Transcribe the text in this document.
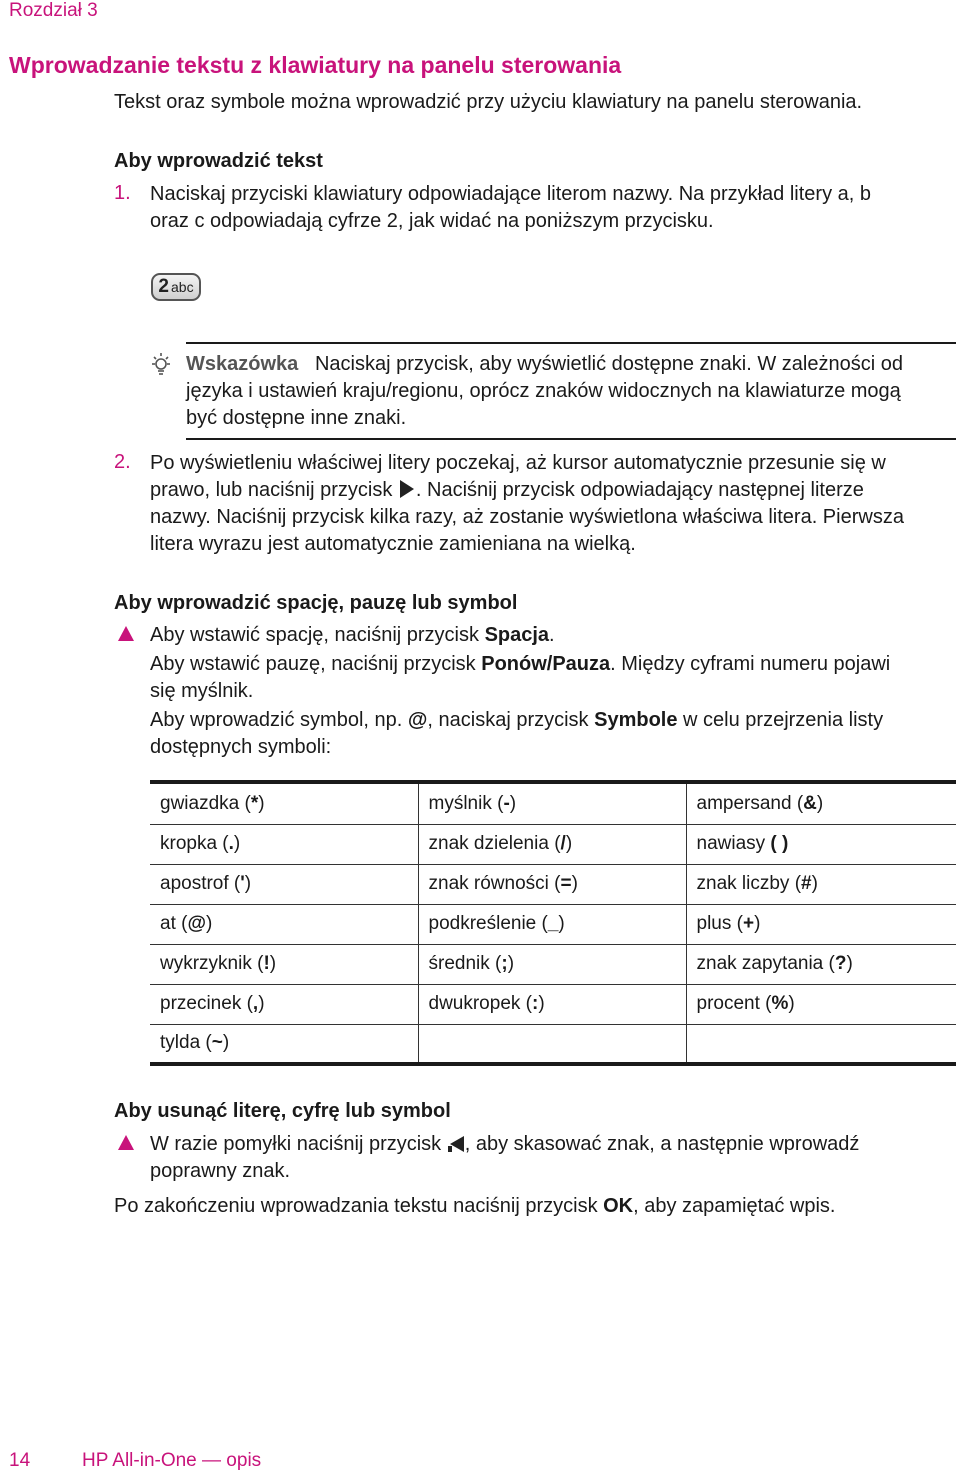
Rozdział 3
Wprowadzanie tekstu z klawiatury na panelu sterowania
Tekst oraz symbole można wprowadzić przy użyciu klawiatury na panelu sterowania.
Aby wprowadzić tekst
1. Naciskaj przyciski klawiatury odpowiadające literom nazwy. Na przykład litery a, b
oraz c odpowiadają cyfrze 2, jak widać na poniższym przycisku.
2 abc
Wskazówka Naciskaj przycisk, aby wyświetlić dostępne znaki. W zależności od
języka i ustawień kraju/regionu, oprócz znaków widocznych na klawiaturze mogą
być dostępne inne znaki.
2. Po wyświetleniu właściwej litery poczekaj, aż kursor automatycznie przesunie się w
prawo, lub naciśnij przycisk . Naciśnij przycisk odpowiadający następnej literze
nazwy. Naciśnij przycisk kilka razy, aż zostanie wyświetlona właściwa litera. Pierwsza
litera wyrazu jest automatycznie zamieniana na wielką.
Aby wprowadzić spację, pauzę lub symbol
Aby wstawić spację, naciśnij przycisk Spacja.
Aby wstawić pauzę, naciśnij przycisk Ponów/Pauza. Między cyframi numeru pojawi
się myślnik.
Aby wprowadzić symbol, np. @, naciskaj przycisk Symbole w celu przejrzenia listy
dostępnych symboli:
gwiazdka (*)	myślnik (-)	ampersand (&)
kropka (.)	znak dzielenia (/)	nawiasy ( )
apostrof (')	znak równości (=)	znak liczby (#)
at (@)	podkreślenie (_)	plus (+)
wykrzyknik (!)	średnik (;)	znak zapytania (?)
przecinek (,)	dwukropek (:)	procent (%)
tylda (~)		
Aby usunąć literę, cyfrę lub symbol
W razie pomyłki naciśnij przycisk , aby skasować znak, a następnie wprowadź
poprawny znak.
Po zakończeniu wprowadzania tekstu naciśnij przycisk OK, aby zapamiętać wpis.
14	HP All-in-One — opis
